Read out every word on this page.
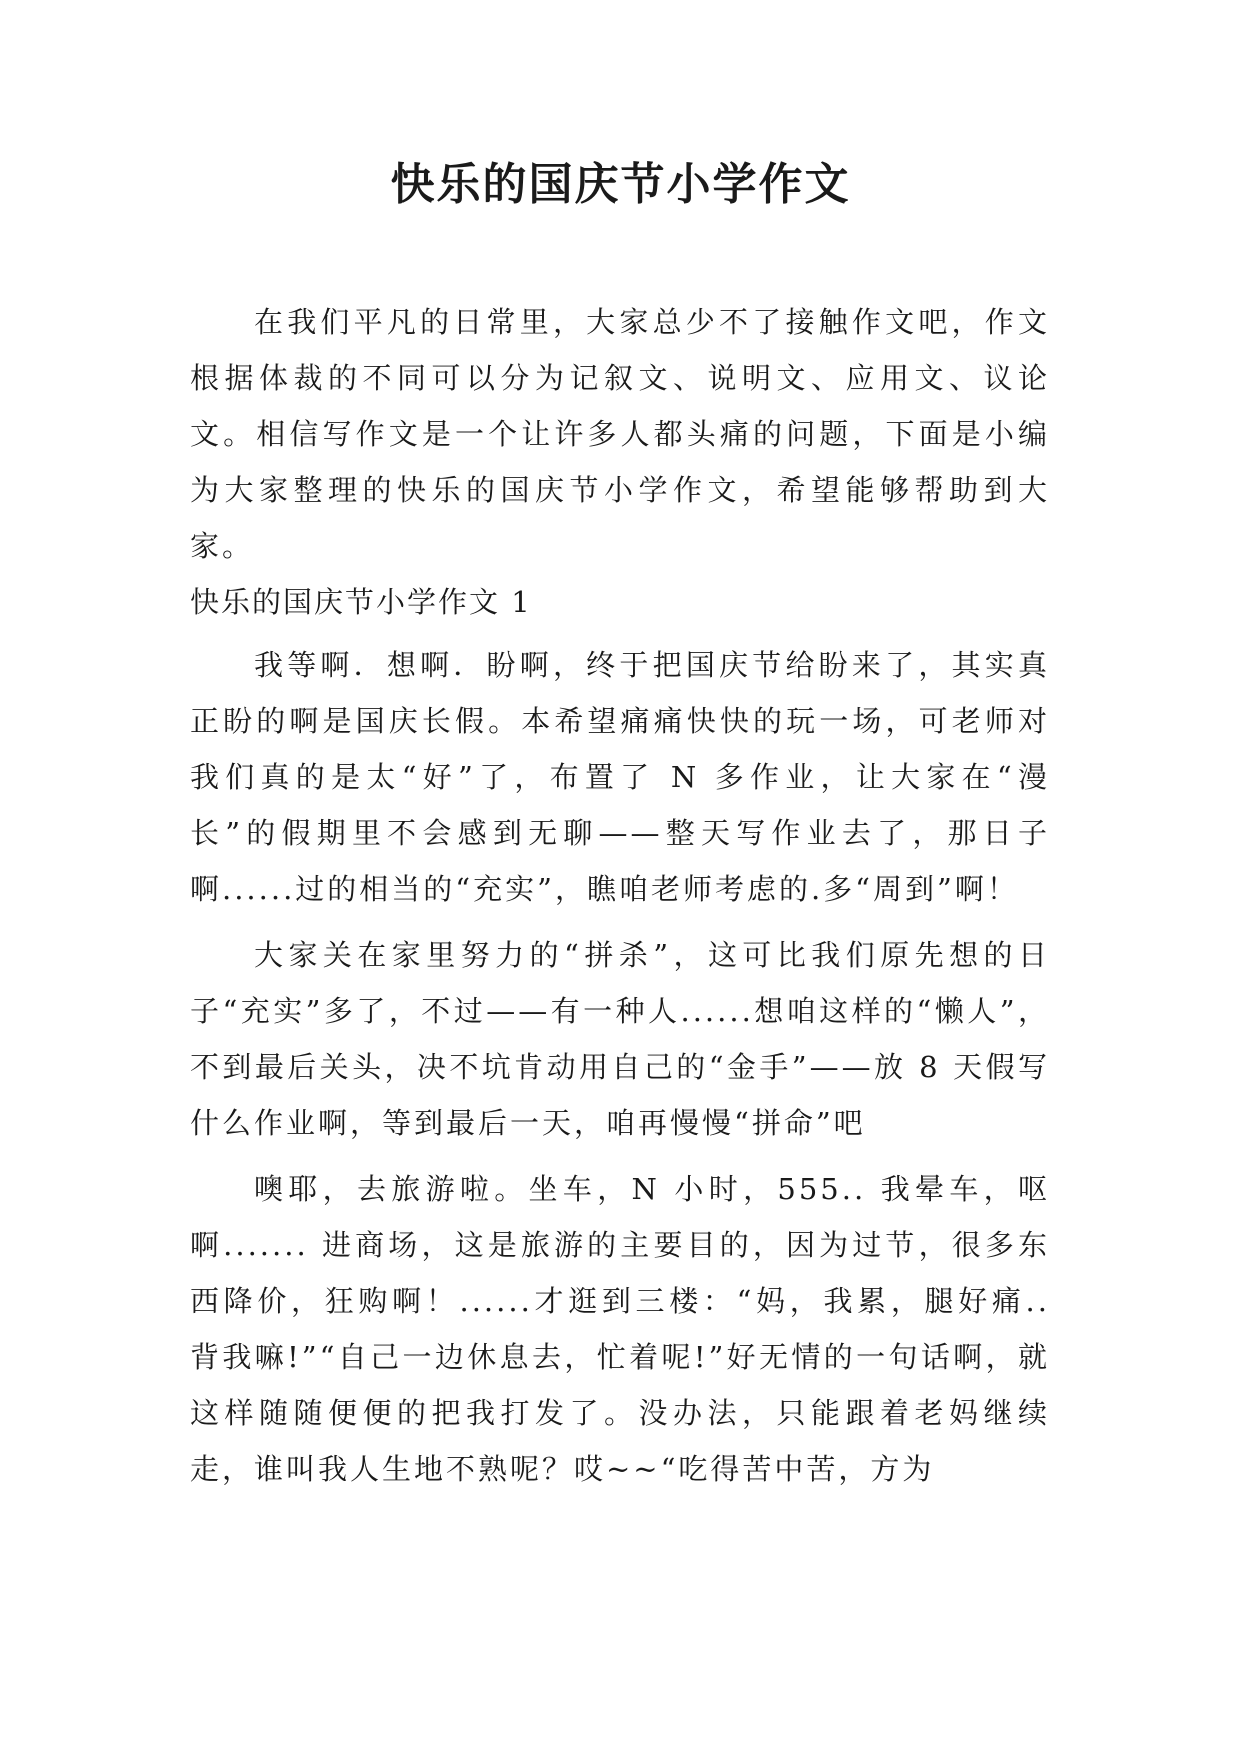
快乐的国庆节小学作文

在我们平凡的日常里，大家总少不了接触作文吧，作文根据体裁的不同可以分为记叙文、说明文、应用文、议论文。相信写作文是一个让许多人都头痛的问题，下面是小编为大家整理的快乐的国庆节小学作文，希望能够帮助到大家。

快乐的国庆节小学作文 1

我等啊．想啊．盼啊，终于把国庆节给盼来了，其实真正盼的啊是国庆长假。本希望痛痛快快的玩一场，可老师对我们真的是太“好”了，布置了 N 多作业，让大家在“漫长”的假期里不会感到无聊——整天写作业去了，那日子啊......过的相当的“充实”，瞧咱老师考虑的.多“周到”啊！

大家关在家里努力的“拼杀”，这可比我们原先想的日子“充实”多了，不过——有一种人......想咱这样的“懒人”，不到最后关头，决不坑肯动用自己的“金手”——放 8 天假写什么作业啊，等到最后一天，咱再慢慢“拼命”吧

噢耶，去旅游啦。坐车，N 小时，555.. 我晕车，呕啊....... 进商场，这是旅游的主要目的，因为过节，很多东西降价，狂购啊！......才逛到三楼：“妈，我累，腿好痛.. 背我嘛!”“自己一边休息去，忙着呢!”好无情的一句话啊，就这样随随便便的把我打发了。没办法，只能跟着老妈继续走，谁叫我人生地不熟呢？哎~~“吃得苦中苦，方为
